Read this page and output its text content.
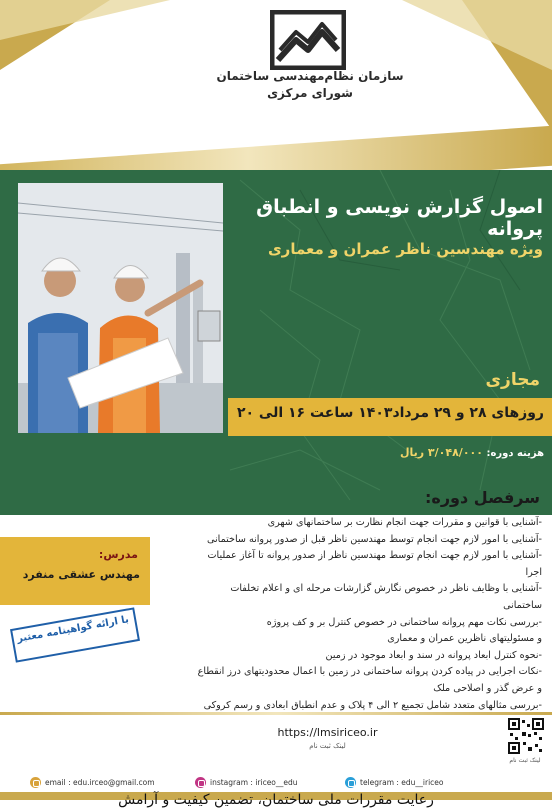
سازمان نظام‌مهندسی ساختمان
شورای مرکزی
اصول گزارش نویسی و انطباق پروانه
ویژه مهندسین ناظر عمران و معماری
مجازی
روزهای ۲۸ و ۲۹ مرداد۱۴۰۳ ساعت ۱۶ الی ۲۰
هزینه دوره: ۳/۰۴۸/۰۰۰ ریال
سرفصل دوره:
-آشنایی با قوانین و مقررات جهت انجام نظارت بر ساختمانهای شهری
-آشنایی با امور لازم جهت انجام توسط مهندسین ناظر قبل از صدور پروانه ساختمانی
-آشنایی با امور لازم جهت انجام توسط مهندسین ناظر از صدور پروانه تا آغاز عملیات اجرا
-آشنایی با وظایف ناظر در خصوص نگارش گزارشات مرحله ای و اعلام تخلفات ساختمانی
-بررسی نکات مهم پروانه ساختمانی در خصوص کنترل بر و کف پروژه
و مسئولیتهای ناظرین عمران و معماری
-نحوه کنترل ابعاد پروانه در سند و ابعاد موجود در زمین
-نکات اجرایی در پیاده کردن پروانه ساختمانی در زمین با اعمال محدودیتهای درز انقطاع
و عرض گذر و اصلاحی ملک
-بررسی مثالهای متعدد شامل تجمیع ۲ الی ۴ پلاک و عدم انطباق ابعادی و رسم کروکی
مدرس:
مهندس عشقی منفرد
با ارائه گواهینامه معتبر
https://lmsiriceo.ir
لینک ثبت نام
لینک ثبت نام
email : edu.irceo@gmail.com	instagram : iriceo__edu	telegram : edu__iriceo
رعایت مقررات ملی ساختمان، تضمین کیفیت و آرامش
